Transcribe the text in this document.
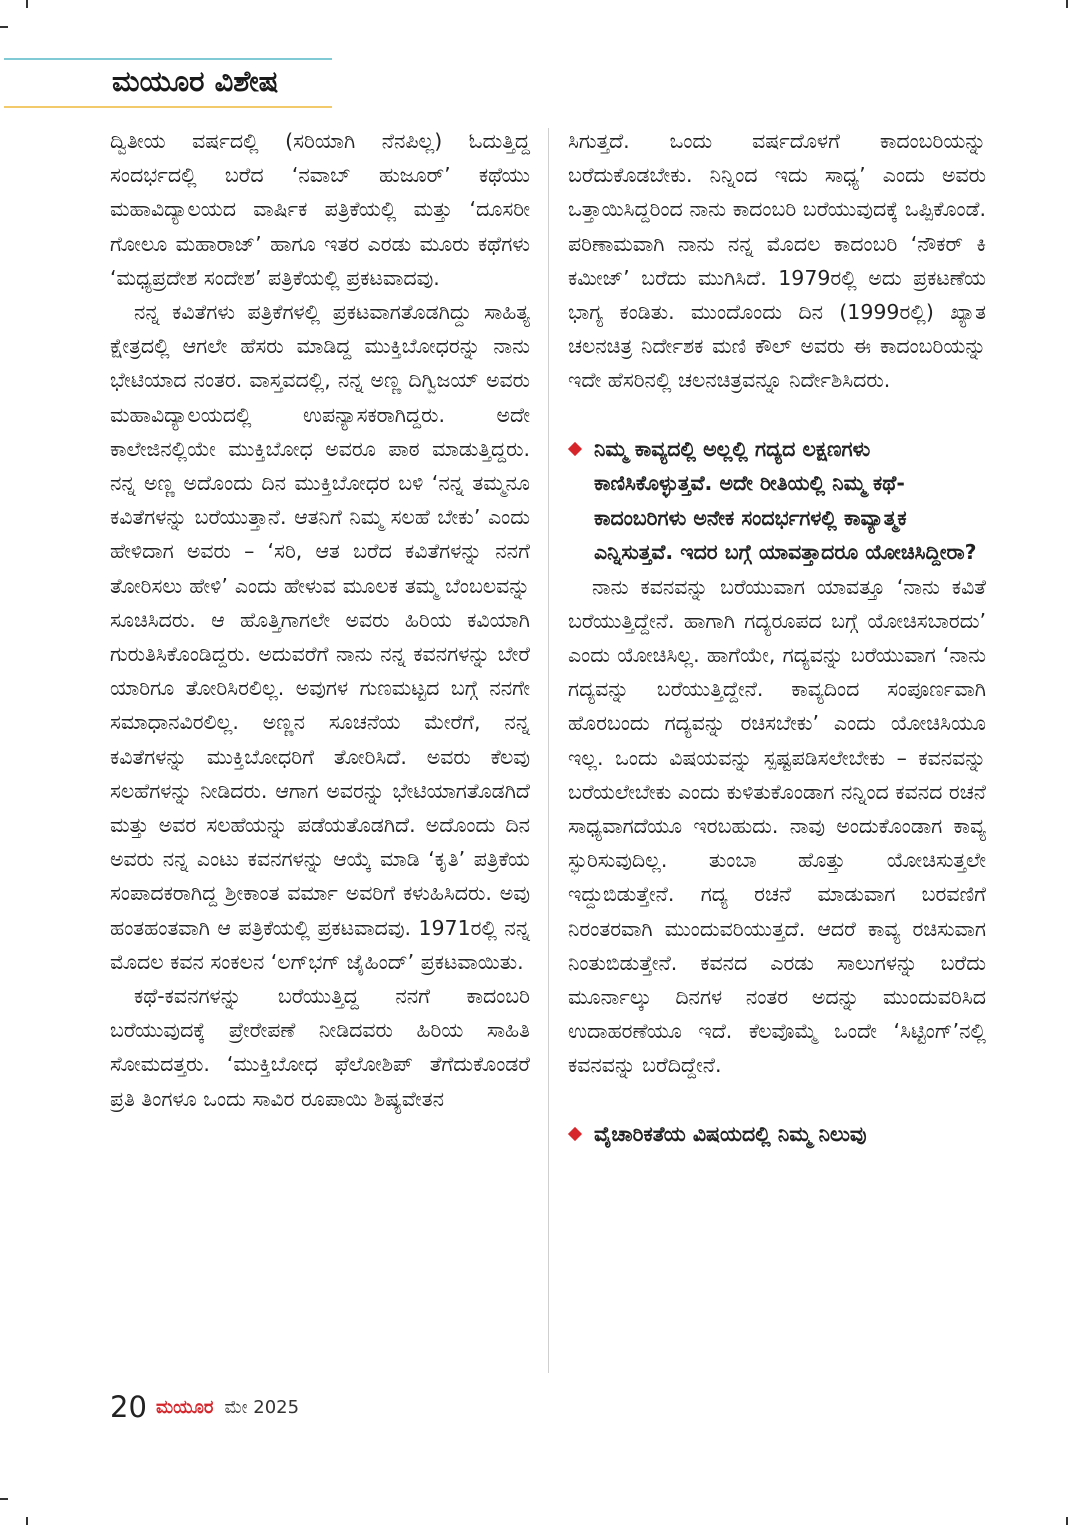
ಮಯೂರ ವಿಶೇಷ

ದ್ವಿತೀಯ ವರ್ಷದಲ್ಲಿ (ಸರಿಯಾಗಿ ನೆನಪಿಲ್ಲ) ಓದುತ್ತಿದ್ದ ಸಂದರ್ಭದಲ್ಲಿ ಬರೆದ ‘ನವಾಬ್ ಹುಜೂರ್’ ಕಥೆಯು ಮಹಾವಿದ್ಯಾಲಯದ ವಾರ್ಷಿಕ ಪತ್ರಿಕೆಯಲ್ಲಿ ಮತ್ತು ‘ದೂಸರೀ ಗೋಲೂ ಮಹಾರಾಜ್’ ಹಾಗೂ ಇತರ ಎರಡು ಮೂರು ಕಥೆಗಳು ‘ಮಧ್ಯಪ್ರದೇಶ ಸಂದೇಶ’ ಪತ್ರಿಕೆಯಲ್ಲಿ ಪ್ರಕಟವಾದವು.

ನನ್ನ ಕವಿತೆಗಳು ಪತ್ರಿಕೆಗಳಲ್ಲಿ ಪ್ರಕಟವಾಗತೊಡಗಿದ್ದು ಸಾಹಿತ್ಯ ಕ್ಷೇತ್ರದಲ್ಲಿ ಆಗಲೇ ಹೆಸರು ಮಾಡಿದ್ದ ಮುಕ್ತಿಬೋಧರನ್ನು ನಾನು ಭೇಟಿಯಾದ ನಂತರ. ವಾಸ್ತವದಲ್ಲಿ, ನನ್ನ ಅಣ್ಣ ದಿಗ್ವಿಜಯ್ ಅವರು ಮಹಾವಿದ್ಯಾಲಯದಲ್ಲಿ ಉಪನ್ಯಾಸಕರಾಗಿದ್ದರು. ಅದೇ ಕಾಲೇಜಿನಲ್ಲಿಯೇ ಮುಕ್ತಿಬೋಧ ಅವರೂ ಪಾಠ ಮಾಡುತ್ತಿದ್ದರು. ನನ್ನ ಅಣ್ಣ ಅದೊಂದು ದಿನ ಮುಕ್ತಿಬೋಧರ ಬಳಿ ‘ನನ್ನ ತಮ್ಮನೂ ಕವಿತೆಗಳನ್ನು ಬರೆಯುತ್ತಾನೆ. ಆತನಿಗೆ ನಿಮ್ಮ ಸಲಹೆ ಬೇಕು’ ಎಂದು ಹೇಳಿದಾಗ ಅವರು – ‘ಸರಿ, ಆತ ಬರೆದ ಕವಿತೆಗಳನ್ನು ನನಗೆ ತೋರಿಸಲು ಹೇಳಿ’ ಎಂದು ಹೇಳುವ ಮೂಲಕ ತಮ್ಮ ಬೆಂಬಲವನ್ನು ಸೂಚಿಸಿದರು. ಆ ಹೊತ್ತಿಗಾಗಲೇ ಅವರು ಹಿರಿಯ ಕವಿಯಾಗಿ ಗುರುತಿಸಿಕೊಂಡಿದ್ದರು. ಅದುವರೆಗೆ ನಾನು ನನ್ನ ಕವನಗಳನ್ನು ಬೇರೆ ಯಾರಿಗೂ ತೋರಿಸಿರಲಿಲ್ಲ. ಅವುಗಳ ಗುಣಮಟ್ಟದ ಬಗ್ಗೆ ನನಗೇ ಸಮಾಧಾನವಿರಲಿಲ್ಲ. ಅಣ್ಣನ ಸೂಚನೆಯ ಮೇರೆಗೆ, ನನ್ನ ಕವಿತೆಗಳನ್ನು ಮುಕ್ತಿಬೋಧರಿಗೆ ತೋರಿಸಿದೆ. ಅವರು ಕೆಲವು ಸಲಹೆಗಳನ್ನು ನೀಡಿದರು. ಆಗಾಗ ಅವರನ್ನು ಭೇಟಿಯಾಗತೊಡಗಿದೆ ಮತ್ತು ಅವರ ಸಲಹೆಯನ್ನು ಪಡೆಯತೊಡಗಿದೆ. ಅದೊಂದು ದಿನ ಅವರು ನನ್ನ ಎಂಟು ಕವನಗಳನ್ನು ಆಯ್ಕೆ ಮಾಡಿ ‘ಕೃತಿ’ ಪತ್ರಿಕೆಯ ಸಂಪಾದಕರಾಗಿದ್ದ ಶ್ರೀಕಾಂತ ವರ್ಮಾ ಅವರಿಗೆ ಕಳುಹಿಸಿದರು. ಅವು ಹಂತಹಂತವಾಗಿ ಆ ಪತ್ರಿಕೆಯಲ್ಲಿ ಪ್ರಕಟವಾದವು. 1971ರಲ್ಲಿ ನನ್ನ ಮೊದಲ ಕವನ ಸಂಕಲನ ‘ಲಗ್‌ಭಗ್ ಜೈಹಿಂದ್’ ಪ್ರಕಟವಾಯಿತು.

ಕಥೆ-ಕವನಗಳನ್ನು ಬರೆಯುತ್ತಿದ್ದ ನನಗೆ ಕಾದಂಬರಿ ಬರೆಯುವುದಕ್ಕೆ ಪ್ರೇರೇಪಣೆ ನೀಡಿದವರು ಹಿರಿಯ ಸಾಹಿತಿ ಸೋಮದತ್ತರು. ‘ಮುಕ್ತಿಬೋಧ ಫೆಲೋಶಿಪ್ ತೆಗೆದುಕೊಂಡರೆ ಪ್ರತಿ ತಿಂಗಳೂ ಒಂದು ಸಾವಿರ ರೂಪಾಯಿ ಶಿಷ್ಯವೇತನ

ಸಿಗುತ್ತದೆ. ಒಂದು ವರ್ಷದೊಳಗೆ ಕಾದಂಬರಿಯನ್ನು ಬರೆದುಕೊಡಬೇಕು. ನಿನ್ನಿಂದ ಇದು ಸಾಧ್ಯ’ ಎಂದು ಅವರು ಒತ್ತಾಯಿಸಿದ್ದರಿಂದ ನಾನು ಕಾದಂಬರಿ ಬರೆಯುವುದಕ್ಕೆ ಒಪ್ಪಿಕೊಂಡೆ. ಪರಿಣಾಮವಾಗಿ ನಾನು ನನ್ನ ಮೊದಲ ಕಾದಂಬರಿ ‘ನೌಕರ್ ಕಿ ಕಮೀಜ್’ ಬರೆದು ಮುಗಿಸಿದೆ. 1979ರಲ್ಲಿ ಅದು ಪ್ರಕಟಣೆಯ ಭಾಗ್ಯ ಕಂಡಿತು. ಮುಂದೊಂದು ದಿನ (1999ರಲ್ಲಿ) ಖ್ಯಾತ ಚಲನಚಿತ್ರ ನಿರ್ದೇಶಕ ಮಣಿ ಕೌಲ್ ಅವರು ಈ ಕಾದಂಬರಿಯನ್ನು ಇದೇ ಹೆಸರಿನಲ್ಲಿ ಚಲನಚಿತ್ರವನ್ನೂ ನಿರ್ದೇಶಿಸಿದರು.

ನಿಮ್ಮ ಕಾವ್ಯದಲ್ಲಿ ಅಲ್ಲಲ್ಲಿ ಗದ್ಯದ ಲಕ್ಷಣಗಳು ಕಾಣಿಸಿಕೊಳ್ಳುತ್ತವೆ. ಅದೇ ರೀತಿಯಲ್ಲಿ ನಿಮ್ಮ ಕಥೆ-ಕಾದಂಬರಿಗಳು ಅನೇಕ ಸಂದರ್ಭಗಳಲ್ಲಿ ಕಾವ್ಯಾತ್ಮಕ ಎನ್ನಿಸುತ್ತವೆ. ಇದರ ಬಗ್ಗೆ ಯಾವತ್ತಾದರೂ ಯೋಚಿಸಿದ್ದೀರಾ?

ನಾನು ಕವನವನ್ನು ಬರೆಯುವಾಗ ಯಾವತ್ತೂ ‘ನಾನು ಕವಿತೆ ಬರೆಯುತ್ತಿದ್ದೇನೆ. ಹಾಗಾಗಿ ಗದ್ಯರೂಪದ ಬಗ್ಗೆ ಯೋಚಿಸಬಾರದು’ ಎಂದು ಯೋಚಿಸಿಲ್ಲ. ಹಾಗೆಯೇ, ಗದ್ಯವನ್ನು ಬರೆಯುವಾಗ ‘ನಾನು ಗದ್ಯವನ್ನು ಬರೆಯುತ್ತಿದ್ದೇನೆ. ಕಾವ್ಯದಿಂದ ಸಂಪೂರ್ಣವಾಗಿ ಹೊರಬಂದು ಗದ್ಯವನ್ನು ರಚಿಸಬೇಕು’ ಎಂದು ಯೋಚಿಸಿಯೂ ಇಲ್ಲ. ಒಂದು ವಿಷಯವನ್ನು ಸ್ಪಷ್ಟಪಡಿಸಲೇಬೇಕು – ಕವನವನ್ನು ಬರೆಯಲೇಬೇಕು ಎಂದು ಕುಳಿತುಕೊಂಡಾಗ ನನ್ನಿಂದ ಕವನದ ರಚನೆ ಸಾಧ್ಯವಾಗದೆಯೂ ಇರಬಹುದು. ನಾವು ಅಂದುಕೊಂಡಾಗ ಕಾವ್ಯ ಸ್ಫುರಿಸುವುದಿಲ್ಲ. ತುಂಬಾ ಹೊತ್ತು ಯೋಚಿಸುತ್ತಲೇ ಇದ್ದುಬಿಡುತ್ತೇನೆ. ಗದ್ಯ ರಚನೆ ಮಾಡುವಾಗ ಬರವಣಿಗೆ ನಿರಂತರವಾಗಿ ಮುಂದುವರಿಯುತ್ತದೆ. ಆದರೆ ಕಾವ್ಯ ರಚಿಸುವಾಗ ನಿಂತುಬಿಡುತ್ತೇನೆ. ಕವನದ ಎರಡು ಸಾಲುಗಳನ್ನು ಬರೆದು ಮೂರ್ನಾಲ್ಕು ದಿನಗಳ ನಂತರ ಅದನ್ನು ಮುಂದುವರಿಸಿದ ಉದಾಹರಣೆಯೂ ಇದೆ. ಕೆಲವೊಮ್ಮೆ ಒಂದೇ ‘ಸಿಟ್ಟಿಂಗ್’ನಲ್ಲಿ ಕವನವನ್ನು ಬರೆದಿದ್ದೇನೆ.

ವೈಚಾರಿಕತೆಯ ವಿಷಯದಲ್ಲಿ ನಿಮ್ಮ ನಿಲುವು

20 ಮಯೂರ ಮೇ 2025
